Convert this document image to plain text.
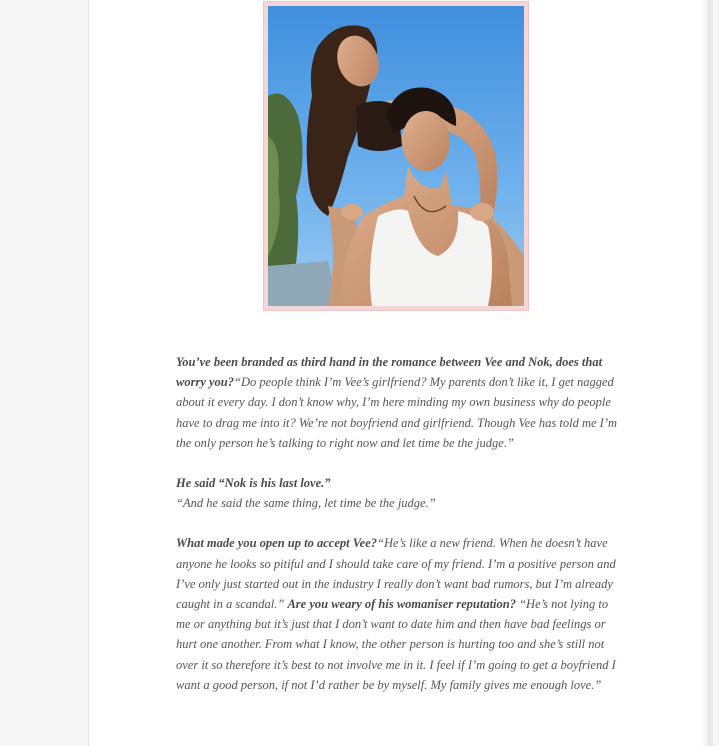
You’ve been branded as third hand in the romance between Vee and Nok, does that worry you?“Do people think I’m Vee’s girlfriend? My parents don’t like it, I get nagged about it every day. I don’t know why, I’m here minding my own business why do people have to drag me into it? We’re not boyfriend and girlfriend. Though Vee has told me I’m the only person he’s talking to right now and let time be the judge.”

He said “Nok is his last love.”
“And he said the same thing, let time be the judge.”

What made you open up to accept Vee?“He’s like a new friend. When he doesn’t have anyone he looks so pitiful and I should take care of my friend. I’m a positive person and I’ve only just started out in the industry I really don’t want bad rumors, but I’m already caught in a scandal.” Are you weary of his womaniser reputation? “He’s not lying to me or anything but it’s just that I don’t want to date him and then have bad feelings or hurt one another. From what I know, the other person is hurting too and she’s still not over it so therefore it’s best to not involve me in it. I feel if I’m going to get a boyfriend I want a good person, if not I’d rather be by myself. My family gives me enough love.”
